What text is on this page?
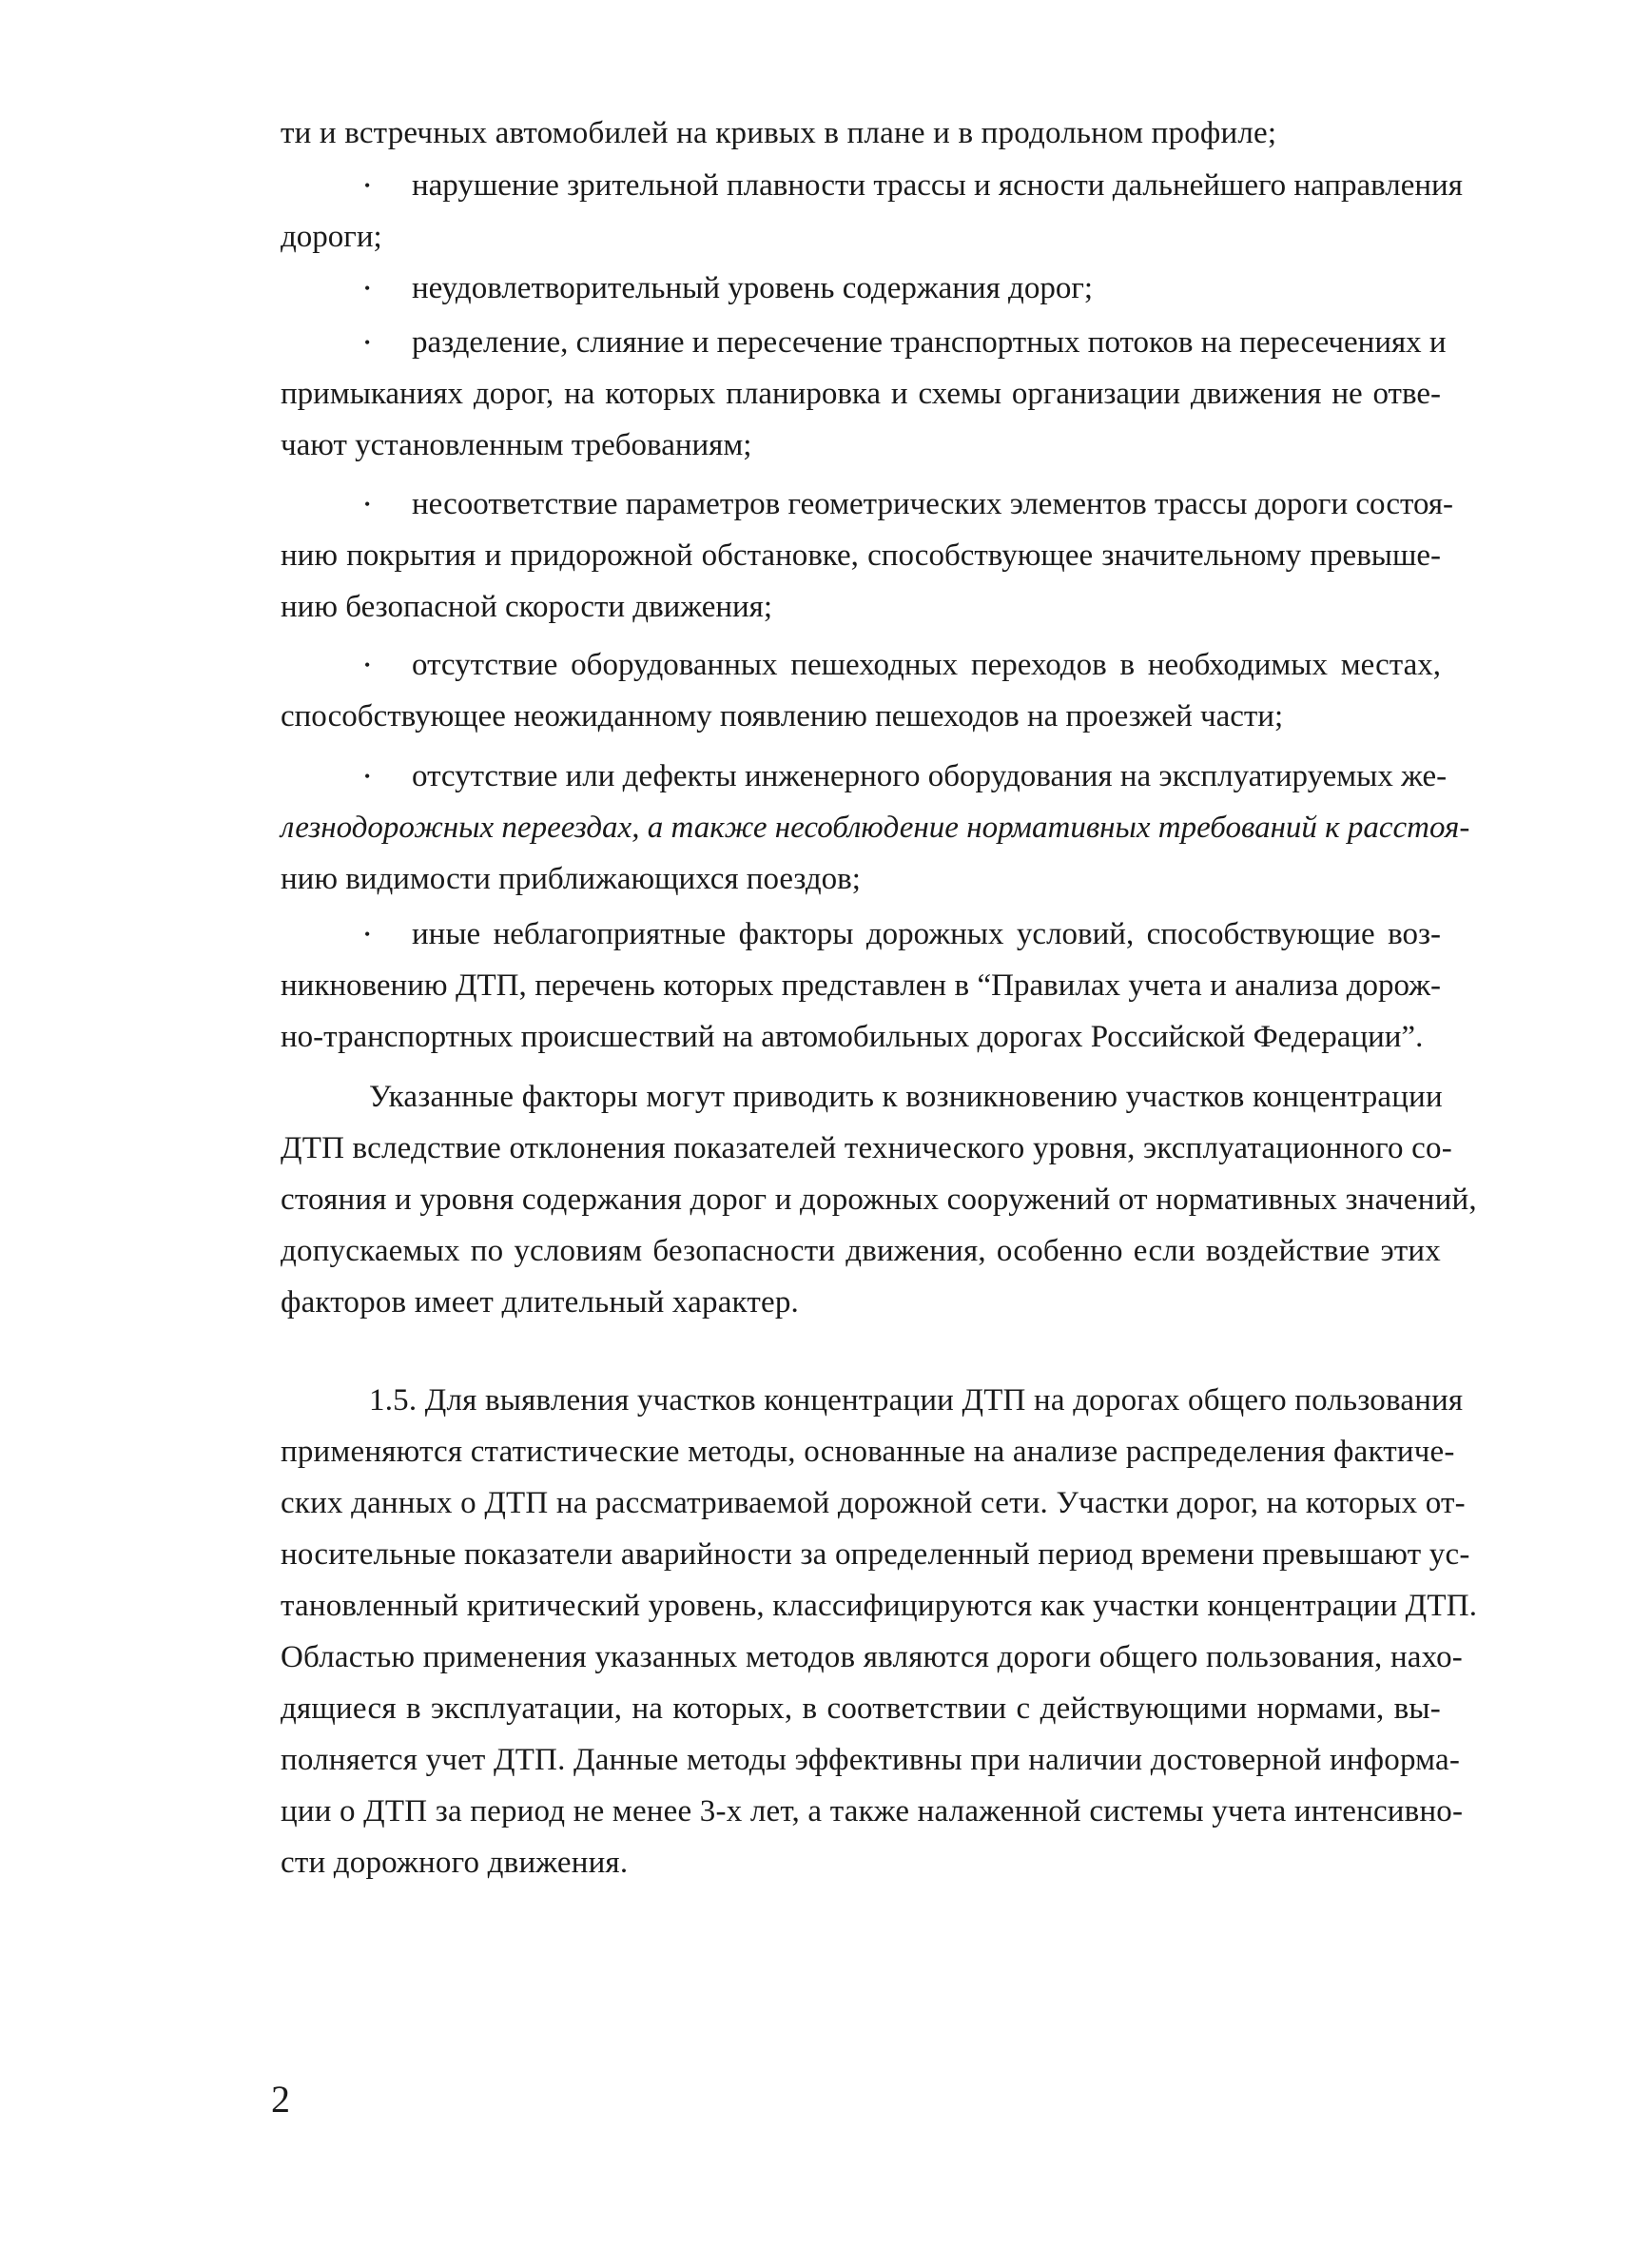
ти и встречных автомобилей на кривых в плане и в продольном профиле;
•	нарушение зрительной плавности трассы и ясности дальнейшего направления
дороги;
•	неудовлетворительный уровень содержания дорог;
•	разделение, слияние и пересечение транспортных потоков на пересечениях и
примыканиях дорог, на которых планировка и схемы организации движения не отве-
чают установленным требованиям;
•	несоответствие параметров геометрических элементов трассы дороги состоя-
нию покрытия и придорожной обстановке, способствующее значительному превыше-
нию безопасной скорости движения;
•	отсутствие оборудованных пешеходных переходов в необходимых местах,
способствующее неожиданному появлению пешеходов на проезжей части;
•	отсутствие или дефекты инженерного оборудования на эксплуатируемых же-
лезнодорожных переездах, а также несоблюдение нормативных требований к расстоя-
нию видимости приближающихся поездов;
•	иные неблагоприятные факторы дорожных условий, способствующие воз-
никновению ДТП, перечень которых представлен в “Правилах учета и анализа дорож-
но-транспортных происшествий на автомобильных дорогах Российской Федерации”.
Указанные факторы могут приводить к возникновению участков концентрации
ДТП вследствие отклонения показателей технического уровня, эксплуатационного со-
стояния и уровня содержания дорог и дорожных сооружений от нормативных значений,
допускаемых по условиям безопасности движения, особенно если воздействие этих
факторов имеет длительный характер.
1.5. Для выявления участков концентрации ДТП на дорогах общего пользования
применяются статистические методы, основанные на анализе распределения фактиче-
ских данных о ДТП на рассматриваемой дорожной сети. Участки дорог, на которых от-
носительные показатели аварийности за определенный период времени превышают ус-
тановленный критический уровень, классифицируются как участки концентрации ДТП.
Областью применения указанных методов являются дороги общего пользования, нахо-
дящиеся в эксплуатации, на которых, в соответствии с действующими нормами, вы-
полняется учет ДТП. Данные методы эффективны при наличии достоверной информа-
ции о ДТП за период не менее 3-х лет, а также налаженной системы учета интенсивно-
сти дорожного движения.
2
